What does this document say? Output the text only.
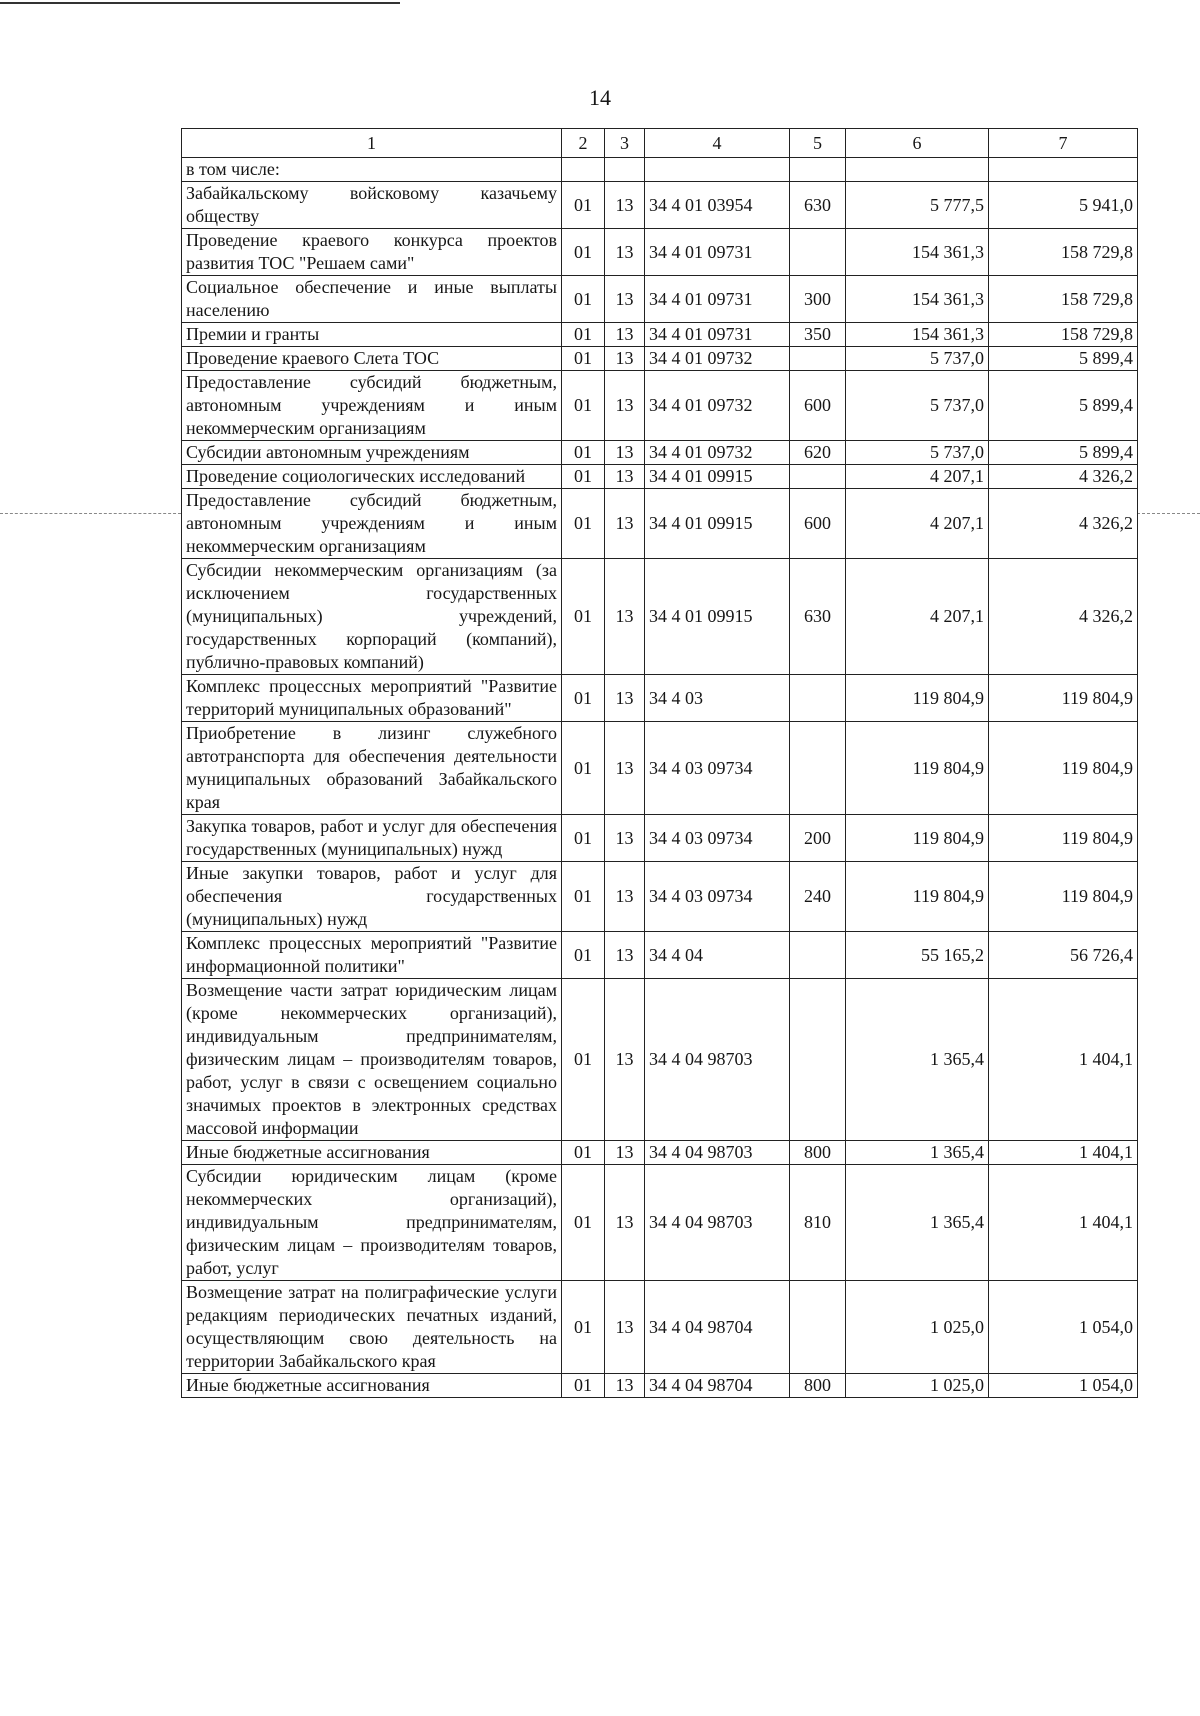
14
1	2	3	4	5	6	7
в том числе:						
Забайкальскому войсковому казачьему обществу	01	13	34 4 01 03954	630	5 777,5	5 941,0
Проведение краевого конкурса проектов развития ТОС "Решаем сами"	01	13	34 4 01 09731		154 361,3	158 729,8
Социальное обеспечение и иные выплаты населению	01	13	34 4 01 09731	300	154 361,3	158 729,8
Премии и гранты	01	13	34 4 01 09731	350	154 361,3	158 729,8
Проведение краевого Слета ТОС	01	13	34 4 01 09732		5 737,0	5 899,4
Предоставление субсидий бюджетным, автономным учреждениям и иным некоммерческим организациям	01	13	34 4 01 09732	600	5 737,0	5 899,4
Субсидии автономным учреждениям	01	13	34 4 01 09732	620	5 737,0	5 899,4
Проведение социологических исследований	01	13	34 4 01 09915		4 207,1	4 326,2
Предоставление субсидий бюджетным, автономным учреждениям и иным некоммерческим организациям	01	13	34 4 01 09915	600	4 207,1	4 326,2
Субсидии некоммерческим организациям (за исключением государственных (муниципальных) учреждений, государственных корпораций (компаний), публично-правовых компаний)	01	13	34 4 01 09915	630	4 207,1	4 326,2
Комплекс процессных мероприятий "Развитие территорий муниципальных образований"	01	13	34 4 03		119 804,9	119 804,9
Приобретение в лизинг служебного автотранспорта для обеспечения деятельности муниципальных образований Забайкальского края	01	13	34 4 03 09734		119 804,9	119 804,9
Закупка товаров, работ и услуг для обеспечения государственных (муниципальных) нужд	01	13	34 4 03 09734	200	119 804,9	119 804,9
Иные закупки товаров, работ и услуг для обеспечения государственных (муниципальных) нужд	01	13	34 4 03 09734	240	119 804,9	119 804,9
Комплекс процессных мероприятий "Развитие информационной политики"	01	13	34 4 04		55 165,2	56 726,4
Возмещение части затрат юридическим лицам (кроме некоммерческих организаций), индивидуальным предпринимателям, физическим лицам – производителям товаров, работ, услуг в связи с освещением социально значимых проектов в электронных средствах массовой информации	01	13	34 4 04 98703		1 365,4	1 404,1
Иные бюджетные ассигнования	01	13	34 4 04 98703	800	1 365,4	1 404,1
Субсидии юридическим лицам (кроме некоммерческих организаций), индивидуальным предпринимателям, физическим лицам – производителям товаров, работ, услуг	01	13	34 4 04 98703	810	1 365,4	1 404,1
Возмещение затрат на полиграфические услуги редакциям периодических печатных изданий, осуществляющим свою деятельность на территории Забайкальского края	01	13	34 4 04 98704		1 025,0	1 054,0
Иные бюджетные ассигнования	01	13	34 4 04 98704	800	1 025,0	1 054,0
